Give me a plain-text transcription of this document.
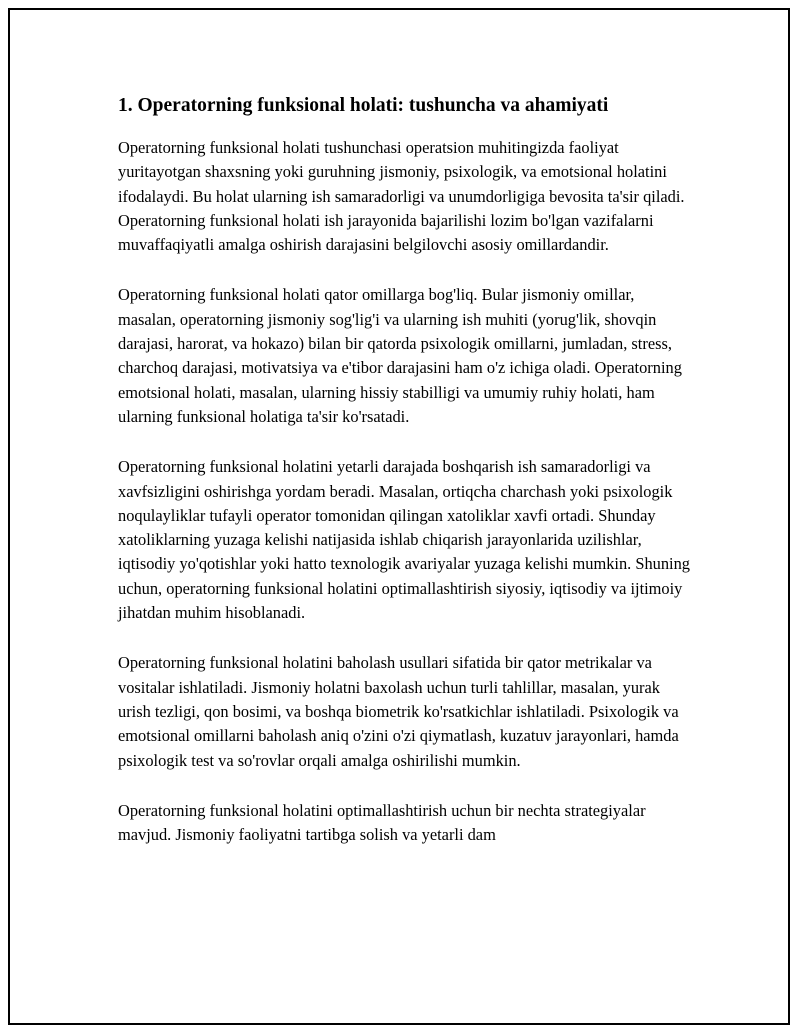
1. Operatorning funksional holati: tushuncha va ahamiyati

Operatorning funksional holati tushunchasi operatsion muhitingizda faoliyat yuritayotgan shaxsning yoki guruhning jismoniy, psixologik, va emotsional holatini ifodalaydi. Bu holat ularning ish samaradorligi va unumdorligiga bevosita ta'sir qiladi. Operatorning funksional holati ish jarayonida bajarilishi lozim bo'lgan vazifalarni muvaffaqiyatli amalga oshirish darajasini belgilovchi asosiy omillardandir.

Operatorning funksional holati qator omillarga bog'liq. Bular jismoniy omillar, masalan, operatorning jismoniy sog'lig'i va ularning ish muhiti (yorug'lik, shovqin darajasi, harorat, va hokazo) bilan bir qatorda psixologik omillarni, jumladan, stress, charchoq darajasi, motivatsiya va e'tibor darajasini ham o'z ichiga oladi. Operatorning emotsional holati, masalan, ularning hissiy stabilligi va umumiy ruhiy holati, ham ularning funksional holatiga ta'sir ko'rsatadi.

Operatorning funksional holatini yetarli darajada boshqarish ish samaradorligi va xavfsizligini oshirishga yordam beradi. Masalan, ortiqcha charchash yoki psixologik noqulayliklar tufayli operator tomonidan qilingan xatoliklar xavfi ortadi. Shunday xatoliklarning yuzaga kelishi natijasida ishlab chiqarish jarayonlarida uzilishlar, iqtisodiy yo'qotishlar yoki hatto texnologik avariyalar yuzaga kelishi mumkin. Shuning uchun, operatorning funksional holatini optimallashtirish siyosiy, iqtisodiy va ijtimoiy jihatdan muhim hisoblanadi.

Operatorning funksional holatini baholash usullari sifatida bir qator metrikalar va vositalar ishlatiladi. Jismoniy holatni baxolash uchun turli tahlillar, masalan, yurak urish tezligi, qon bosimi, va boshqa biometrik ko'rsatkichlar ishlatiladi. Psixologik va emotsional omillarni baholash aniq o'zini o'zi qiymatlash, kuzatuv jarayonlari, hamda psixologik test va so'rovlar orqali amalga oshirilishi mumkin.

Operatorning funksional holatini optimallashtirish uchun bir nechta strategiyalar mavjud. Jismoniy faoliyatni tartibga solish va yetarli dam
